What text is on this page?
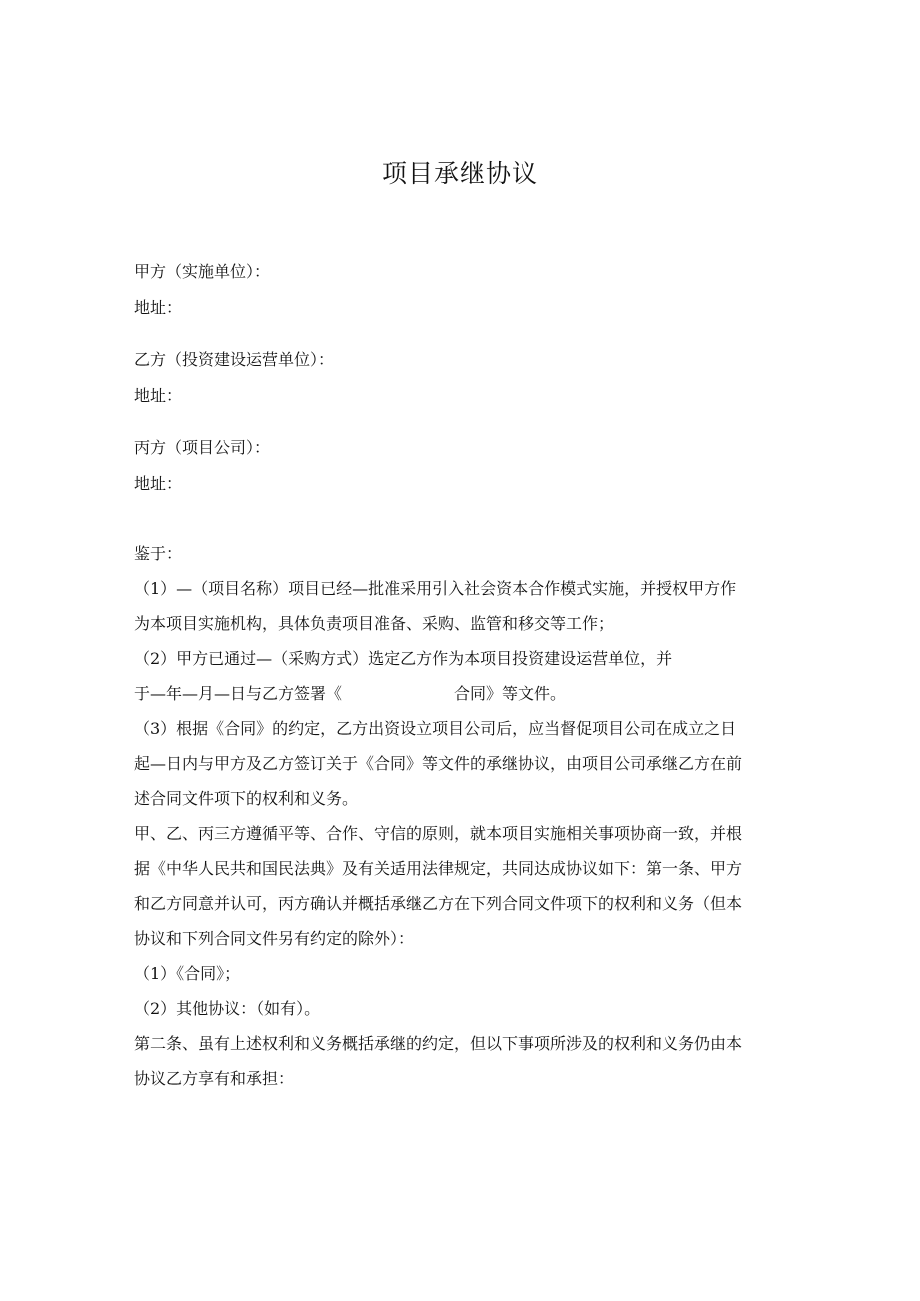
项目承继协议
甲方（实施单位）：
地址：
乙方（投资建设运营单位）：
地址：
丙方（项目公司）：
地址：
鉴于：
（1）—（项目名称）项目已经—批准采用引入社会资本合作模式实施，并授权甲方作
为本项目实施机构，具体负责项目准备、采购、监管和移交等工作；
（2）甲方已通过—（采购方式）选定乙方作为本项目投资建设运营单位，并
于—年—月—日与乙方签署《　　　　　　　合同》等文件。
（3）根据《合同》的约定，乙方出资设立项目公司后，应当督促项目公司在成立之日
起—日内与甲方及乙方签订关于《合同》等文件的承继协议，由项目公司承继乙方在前
述合同文件项下的权利和义务。
甲、乙、丙三方遵循平等、合作、守信的原则，就本项目实施相关事项协商一致，并根
据《中华人民共和国民法典》及有关适用法律规定，共同达成协议如下：第一条、甲方
和乙方同意并认可，丙方确认并概括承继乙方在下列合同文件项下的权利和义务（但本
协议和下列合同文件另有约定的除外）：
（1）《合同》；
（2）其他协议：（如有）。
第二条、虽有上述权利和义务概括承继的约定，但以下事项所涉及的权利和义务仍由本
协议乙方享有和承担：
